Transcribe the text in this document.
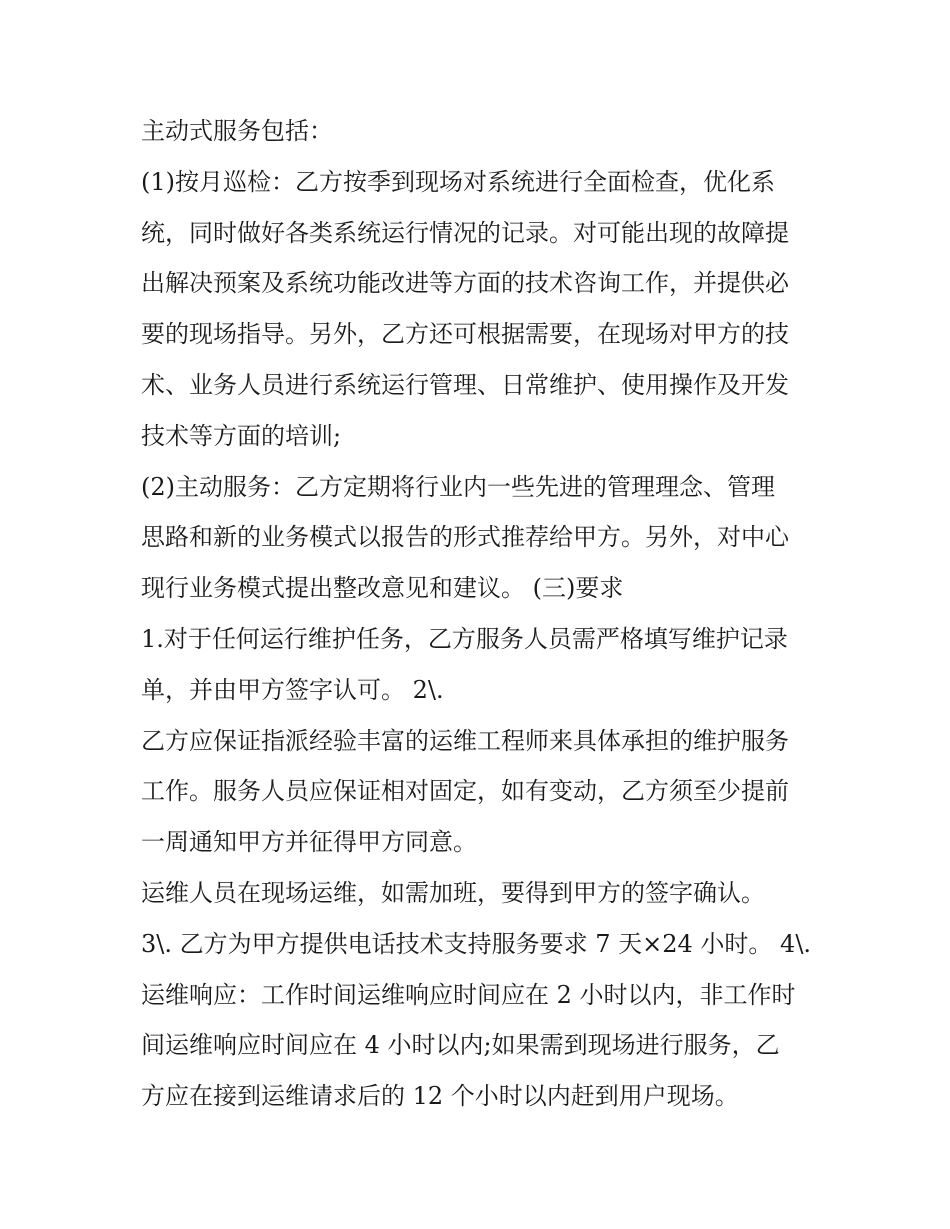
主动式服务包括：
(1)按月巡检：乙方按季到现场对系统进行全面检查，优化系
统，同时做好各类系统运行情况的记录。对可能出现的故障提
出解决预案及系统功能改进等方面的技术咨询工作，并提供必
要的现场指导。另外，乙方还可根据需要，在现场对甲方的技
术、业务人员进行系统运行管理、日常维护、使用操作及开发
技术等方面的培训;
(2)主动服务：乙方定期将行业内一些先进的管理理念、管理
思路和新的业务模式以报告的形式推荐给甲方。另外，对中心
现行业务模式提出整改意见和建议。 (三)要求
1.对于任何运行维护任务，乙方服务人员需严格填写维护记录
单，并由甲方签字认可。 2\.
乙方应保证指派经验丰富的运维工程师来具体承担的维护服务
工作。服务人员应保证相对固定，如有变动，乙方须至少提前
一周通知甲方并征得甲方同意。
运维人员在现场运维，如需加班，要得到甲方的签字确认。
3\. 乙方为甲方提供电话技术支持服务要求 7 天×24 小时。 4\.
运维响应：工作时间运维响应时间应在 2 小时以内，非工作时
间运维响应时间应在 4 小时以内;如果需到现场进行服务，乙
方应在接到运维请求后的 12 个小时以内赶到用户现场。
